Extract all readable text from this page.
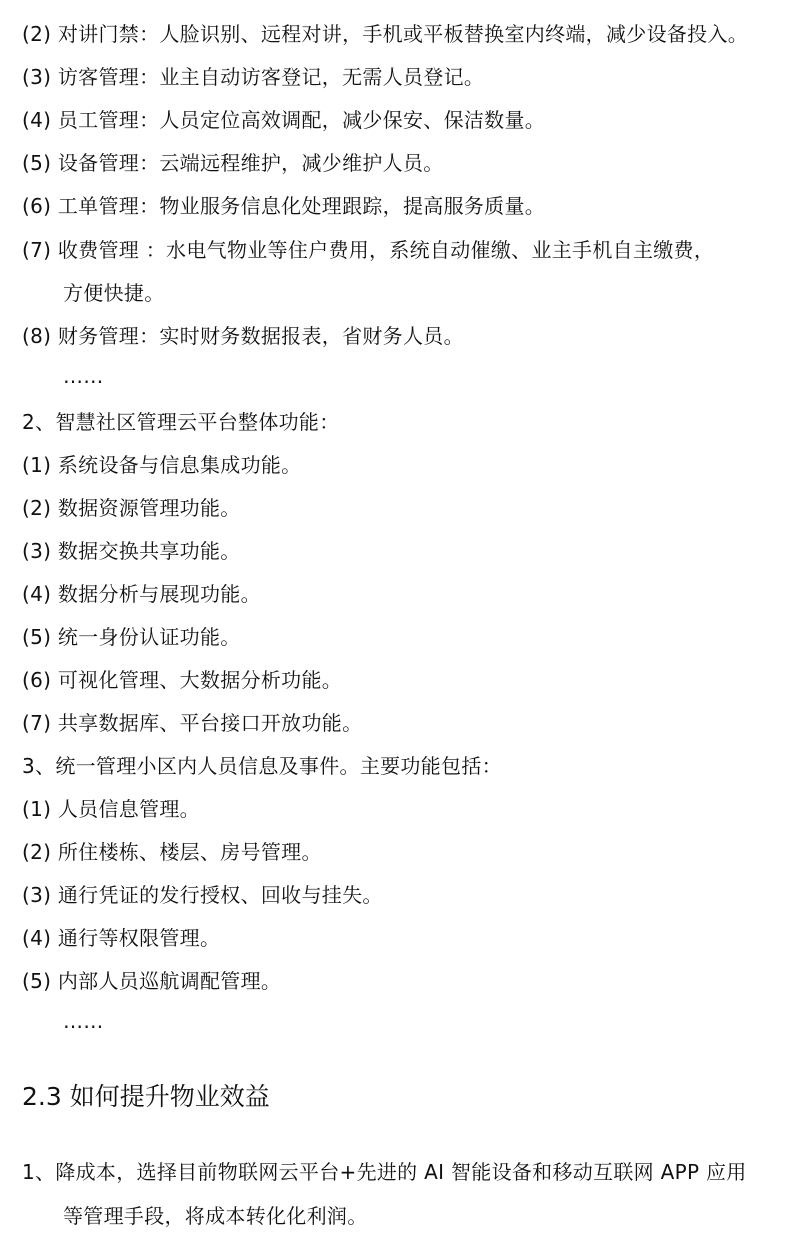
(2) 对讲门禁：人脸识别、远程对讲，手机或平板替换室内终端，减少设备投入。
(3) 访客管理：业主自动访客登记，无需人员登记。
(4) 员工管理：人员定位高效调配，减少保安、保洁数量。
(5) 设备管理：云端远程维护，减少维护人员。
(6) 工单管理：物业服务信息化处理跟踪，提高服务质量。
(7) 收费管理 ：水电气物业等住户费用，系统自动催缴、业主手机自主缴费，
方便快捷。
(8) 财务管理：实时财务数据报表，省财务人员。
……
2、智慧社区管理云平台整体功能：
(1) 系统设备与信息集成功能。
(2) 数据资源管理功能。
(3) 数据交换共享功能。
(4) 数据分析与展现功能。
(5) 统一身份认证功能。
(6) 可视化管理、大数据分析功能。
(7) 共享数据库、平台接口开放功能。
3、统一管理小区内人员信息及事件。主要功能包括：
(1) 人员信息管理。
(2) 所住楼栋、楼层、房号管理。
(3) 通行凭证的发行授权、回收与挂失。
(4) 通行等权限管理。
(5) 内部人员巡航调配管理。
……
2.3 如何提升物业效益
1、降成本，选择目前物联网云平台+先进的 AI 智能设备和移动互联网 APP 应用
等管理手段，将成本转化化利润。
